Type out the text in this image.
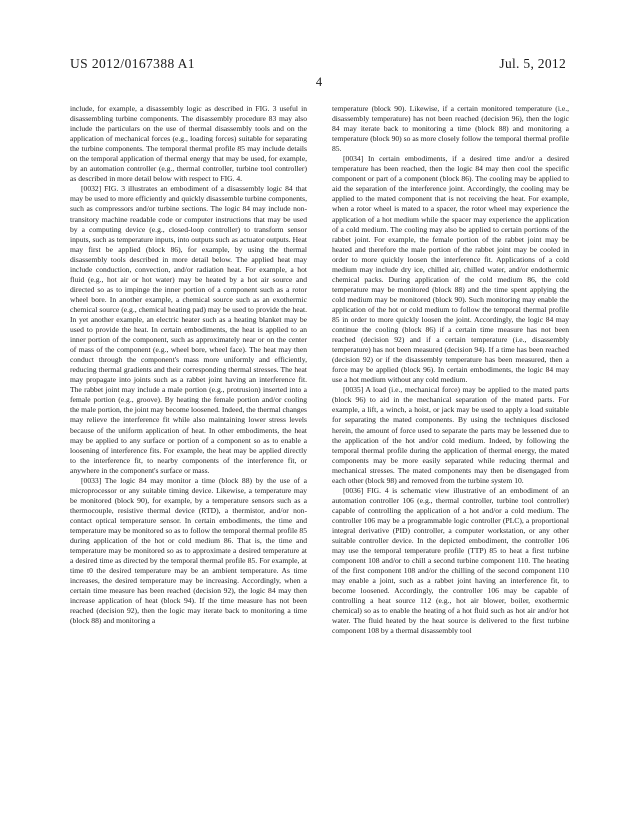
US 2012/0167388 A1	Jul. 5, 2012
4

include, for example, a disassembly logic as described in FIG. 3 useful in disassembling turbine components. The disassembly procedure 83 may also include the particulars on the use of thermal disassembly tools and on the application of mechanical forces (e.g., loading forces) suitable for separating the turbine components. The temporal thermal profile 85 may include details on the temporal application of thermal energy that may be used, for example, by an automation controller (e.g., thermal controller, turbine tool controller) as described in more detail below with respect to FIG. 4.

[0032] FIG. 3 illustrates an embodiment of a disassembly logic 84 that may be used to more efficiently and quickly disassemble turbine components, such as compressors and/or turbine sections. The logic 84 may include non-transitory machine readable code or computer instructions that may be used by a computing device (e.g., closed-loop controller) to transform sensor inputs, such as temperature inputs, into outputs such as actuator outputs. Heat may first be applied (block 86), for example, by using the thermal disassembly tools described in more detail below. The applied heat may include conduction, convection, and/or radiation heat. For example, a hot fluid (e.g., hot air or hot water) may be heated by a hot air source and directed so as to impinge the inner portion of a component such as a rotor wheel bore. In another example, a chemical source such as an exothermic chemical source (e.g., chemical heating pad) may be used to provide the heat. In yet another example, an electric heater such as a heating blanket may be used to provide the heat. In certain embodiments, the heat is applied to an inner portion of the component, such as approximately near or on the center of mass of the component (e.g., wheel bore, wheel face). The heat may then conduct through the component's mass more uniformly and efficiently, reducing thermal gradients and their corresponding thermal stresses. The heat may propagate into joints such as a rabbet joint having an interference fit. The rabbet joint may include a male portion (e.g., protrusion) inserted into a female portion (e.g., groove). By heating the female portion and/or cooling the male portion, the joint may become loosened. Indeed, the thermal changes may relieve the interference fit while also maintaining lower stress levels because of the uniform application of heat. In other embodiments, the heat may be applied to any surface or portion of a component so as to enable a loosening of interference fits. For example, the heat may be applied directly to the interference fit, to nearby components of the interference fit, or anywhere in the component's surface or mass.

[0033] The logic 84 may monitor a time (block 88) by the use of a microprocessor or any suitable timing device. Likewise, a temperature may be monitored (block 90), for example, by a temperature sensors such as a thermocouple, resistive thermal device (RTD), a thermistor, and/or non-contact optical temperature sensor. In certain embodiments, the time and temperature may be monitored so as to follow the temporal thermal profile 85 during application of the hot or cold medium 86. That is, the time and temperature may be monitored so as to approximate a desired temperature at a desired time as directed by the temporal thermal profile 85. For example, at time t0 the desired temperature may be an ambient temperature. As time increases, the desired temperature may be increasing. Accordingly, when a certain time measure has been reached (decision 92), the logic 84 may then increase application of heat (block 94). If the time measure has not been reached (decision 92), then the logic may iterate back to monitoring a time (block 88) and monitoring a

temperature (block 90). Likewise, if a certain monitored temperature (i.e., disassembly temperature) has not been reached (decision 96), then the logic 84 may iterate back to monitoring a time (block 88) and monitoring a temperature (block 90) so as more closely follow the temporal thermal profile 85.

[0034] In certain embodiments, if a desired time and/or a desired temperature has been reached, then the logic 84 may then cool the specific component or part of a component (block 86). The cooling may be applied to aid the separation of the interference joint. Accordingly, the cooling may be applied to the mated component that is not receiving the heat. For example, when a rotor wheel is mated to a spacer, the rotor wheel may experience the application of a hot medium while the spacer may experience the application of a cold medium. The cooling may also be applied to certain portions of the rabbet joint. For example, the female portion of the rabbet joint may be heated and therefore the male portion of the rabbet joint may be cooled in order to more quickly loosen the interference fit. Applications of a cold medium may include dry ice, chilled air, chilled water, and/or endothermic chemical packs. During application of the cold medium 86, the cold temperature may be monitored (block 88) and the time spent applying the cold medium may be monitored (block 90). Such monitoring may enable the application of the hot or cold medium to follow the temporal thermal profile 85 in order to more quickly loosen the joint. Accordingly, the logic 84 may continue the cooling (block 86) if a certain time measure has not been reached (decision 92) and if a certain temperature (i.e., disassembly temperature) has not been measured (decision 94). If a time has been reached (decision 92) or if the disassembly temperature has been measured, then a force may be applied (block 96). In certain embodiments, the logic 84 may use a hot medium without any cold medium.

[0035] A load (i.e., mechanical force) may be applied to the mated parts (block 96) to aid in the mechanical separation of the mated parts. For example, a lift, a winch, a hoist, or jack may be used to apply a load suitable for separating the mated components. By using the techniques disclosed herein, the amount of force used to separate the parts may be lessened due to the application of the hot and/or cold medium. Indeed, by following the temporal thermal profile during the application of thermal energy, the mated components may be more easily separated while reducing thermal and mechanical stresses. The mated components may then be disengaged from each other (block 98) and removed from the turbine system 10.

[0036] FIG. 4 is schematic view illustrative of an embodiment of an automation controller 106 (e.g., thermal controller, turbine tool controller) capable of controlling the application of a hot and/or a cold medium. The controller 106 may be a programmable logic controller (PLC), a proportional integral derivative (PID) controller, a computer workstation, or any other suitable controller device. In the depicted embodiment, the controller 106 may use the temporal temperature profile (TTP) 85 to heat a first turbine component 108 and/or to chill a second turbine component 110. The heating of the first component 108 and/or the chilling of the second component 110 may enable a joint, such as a rabbet joint having an interference fit, to become loosened. Accordingly, the controller 106 may be capable of controlling a heat source 112 (e.g., hot air blower, boiler, exothermic chemical) so as to enable the heating of a hot fluid such as hot air and/or hot water. The fluid heated by the heat source is delivered to the first turbine component 108 by a thermal disassembly tool
